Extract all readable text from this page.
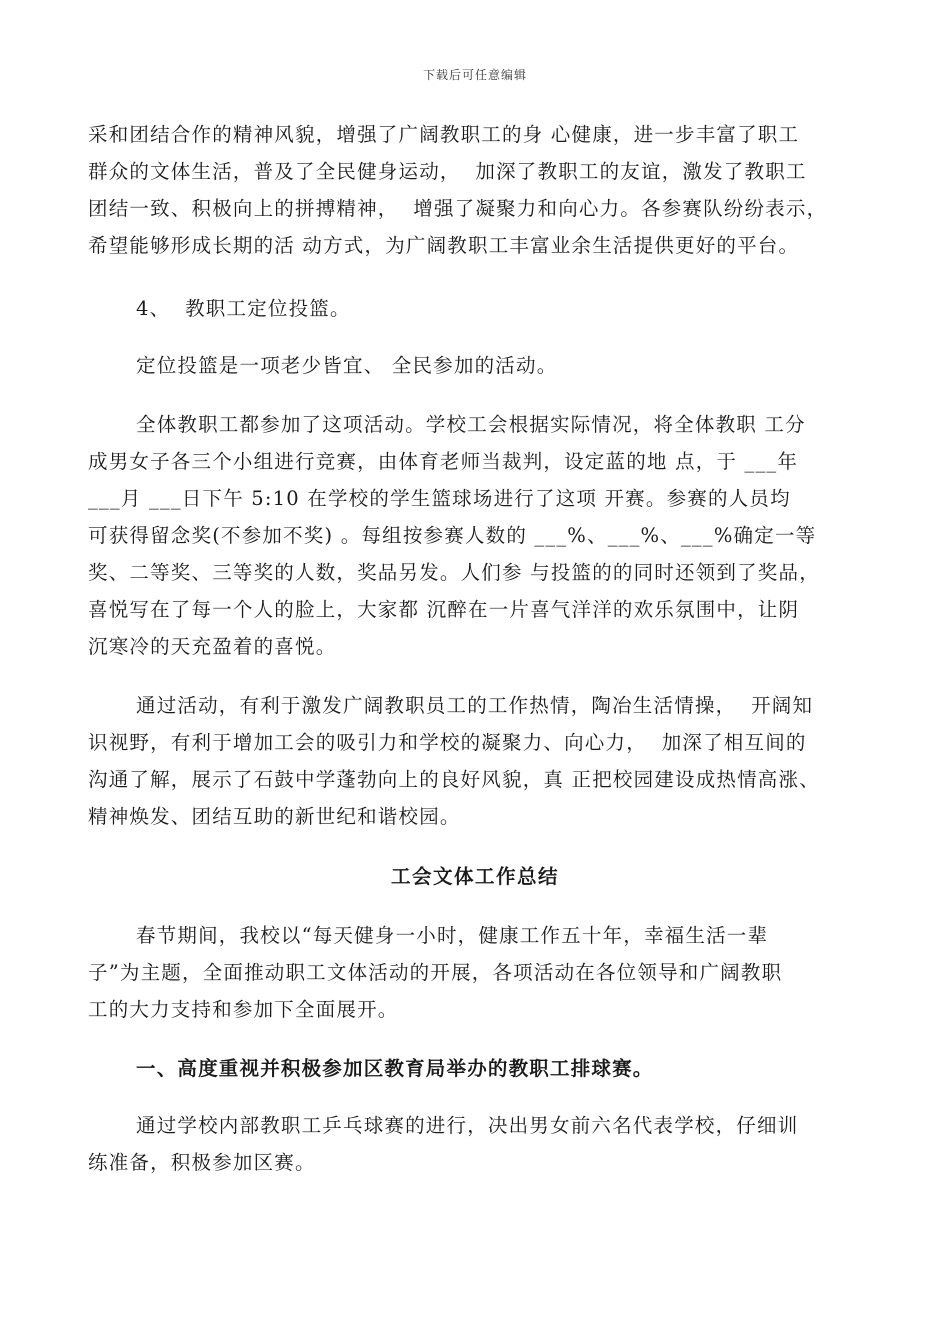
下载后可任意编辑
采和团结合作的精神风貌，增强了广阔教职工的身 心健康，进一步丰富了职工
群众的文体生活，普及了全民健身运动，  加深了教职工的友谊，激发了教职工
团结一致、积极向上的拼搏精神，  增强了凝聚力和向心力。各参赛队纷纷表示，
希望能够形成长期的活 动方式，为广阔教职工丰富业余生活提供更好的平台。
4、  教职工定位投篮。
定位投篮是一项老少皆宜、 全民参加的活动。
全体教职工都参加了这项活动。学校工会根据实际情况，将全体教职 工分
成男女子各三个小组进行竞赛，由体育老师当裁判，设定蓝的地 点，于 ___年
___月 ___日下午 5:10 在学校的学生篮球场进行了这项 开赛。参赛的人员均
可获得留念奖(不参加不奖) 。每组按参赛人数的 ___%、___%、___%确定一等
奖、二等奖、三等奖的人数，奖品另发。人们参 与投篮的的同时还领到了奖品，
喜悦写在了每一个人的脸上，大家都 沉醉在一片喜气洋洋的欢乐氛围中，让阴
沉寒冷的天充盈着的喜悦。
通过活动，有利于激发广阔教职员工的工作热情，陶冶生活情操，  开阔知
识视野，有利于增加工会的吸引力和学校的凝聚力、向心力，  加深了相互间的
沟通了解，展示了石鼓中学蓬勃向上的良好风貌，真 正把校园建设成热情高涨、
精神焕发、团结互助的新世纪和谐校园。
工会文体工作总结
春节期间，我校以“每天健身一小时，健康工作五十年，幸福生活一辈
子”为主题，全面推动职工文体活动的开展，各项活动在各位领导和广阔教职
工的大力支持和参加下全面展开。
一、高度重视并积极参加区教育局举办的教职工排球赛。
通过学校内部教职工乒乓球赛的进行，决出男女前六名代表学校，仔细训
练准备，积极参加区赛。
